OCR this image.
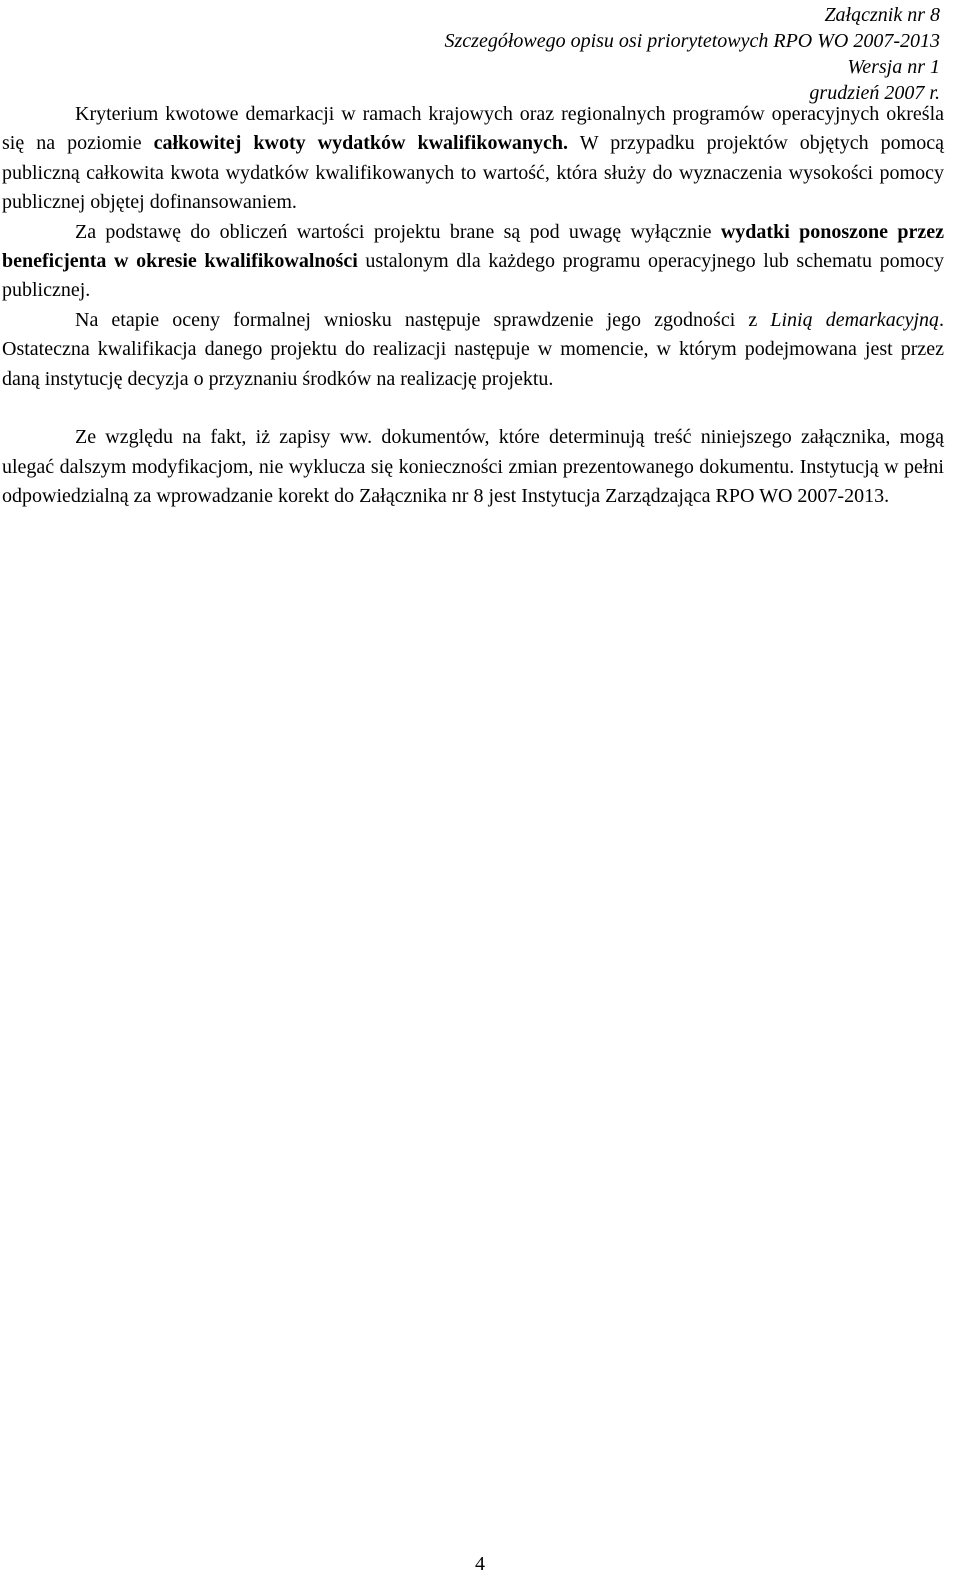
Załącznik nr 8
Szczegółowego opisu osi priorytetowych RPO WO 2007-2013
Wersja nr 1
grudzień 2007 r.

Kryterium kwotowe demarkacji w ramach krajowych oraz regionalnych programów operacyjnych określa się na poziomie całkowitej kwoty wydatków kwalifikowanych. W przypadku projektów objętych pomocą publiczną całkowita kwota wydatków kwalifikowanych to wartość, która służy do wyznaczenia wysokości pomocy publicznej objętej dofinansowaniem.

Za podstawę do obliczeń wartości projektu brane są pod uwagę wyłącznie wydatki ponoszone przez beneficjenta w okresie kwalifikowalności ustalonym dla każdego programu operacyjnego lub schematu pomocy publicznej.

Na etapie oceny formalnej wniosku następuje sprawdzenie jego zgodności z Linią demarkacyjną. Ostateczna kwalifikacja danego projektu do realizacji następuje w momencie, w którym podejmowana jest przez daną instytucję decyzja o przyznaniu środków na realizację projektu.

Ze względu na fakt, iż zapisy ww. dokumentów, które determinują treść niniejszego załącznika, mogą ulegać dalszym modyfikacjom, nie wyklucza się konieczności zmian prezentowanego dokumentu. Instytucją w pełni odpowiedzialną za wprowadzanie korekt do Załącznika nr 8 jest Instytucja Zarządzająca RPO WO 2007-2013.

4
